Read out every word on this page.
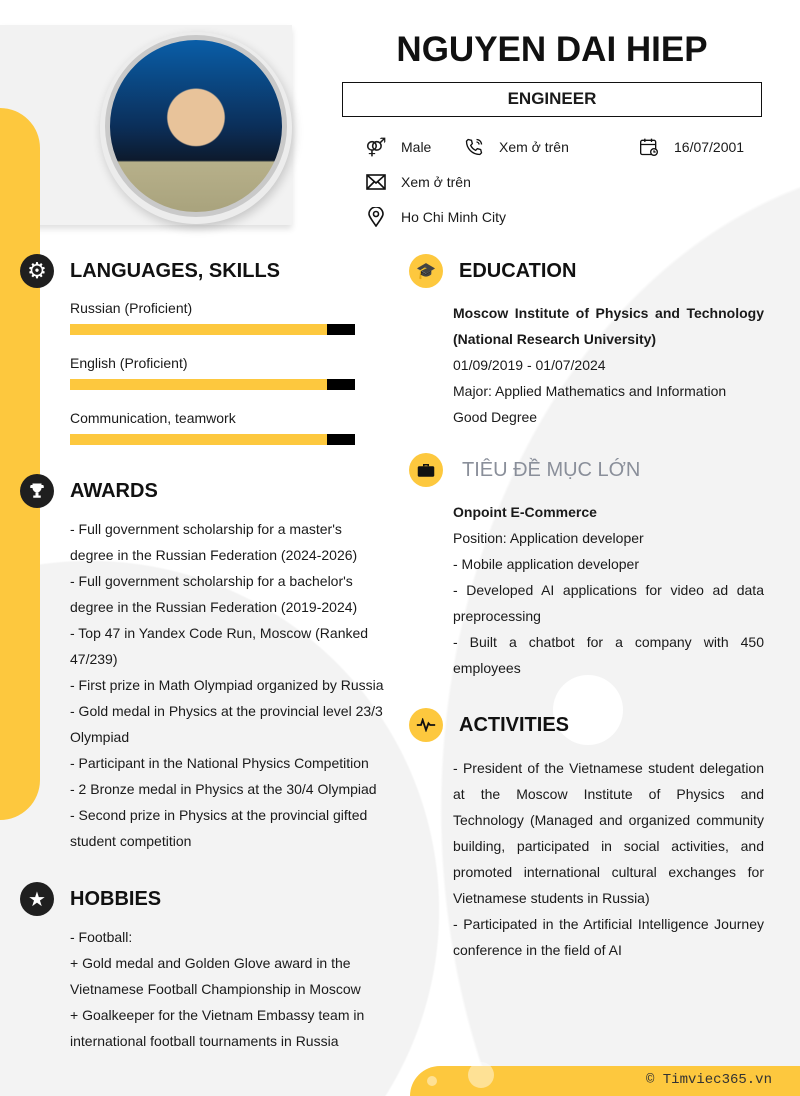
NGUYEN DAI HIEP
ENGINEER
⚤ Male	Xem ở trên	16/07/2001
Xem ở trên
Ho Chi Minh City
⚙ LANGUAGES, SKILLS
Russian (Proficient)
English (Proficient)
Communication, teamwork
AWARDS
- Full government scholarship for a master's degree in the Russian Federation (2024-2026)
- Full government scholarship for a bachelor's degree in the Russian Federation (2019-2024)
- Top 47 in Yandex Code Run, Moscow (Ranked 47/239)
- First prize in Math Olympiad organized by Russia
- Gold medal in Physics at the provincial level 23/3 Olympiad
- Participant in the National Physics Competition
- 2 Bronze medal in Physics at the 30/4 Olympiad
- Second prize in Physics at the provincial gifted student competition
★ HOBBIES
- Football:
+ Gold medal and Golden Glove award in the Vietnamese Football Championship in Moscow
+ Goalkeeper for the Vietnam Embassy team in international football tournaments in Russia
🎓 EDUCATION
Moscow Institute of Physics and Technology (National Research University)
01/09/2019 - 01/07/2024
Major: Applied Mathematics and Information
Good Degree
TIÊU ĐỀ MỤC LỚN
Onpoint E-Commerce
Position: Application developer
- Mobile application developer
- Developed AI applications for video ad data preprocessing
- Built a chatbot for a company with 450 employees
ACTIVITIES
- President of the Vietnamese student delegation at the Moscow Institute of Physics and Technology (Managed and organized community building, participated in social activities, and promoted international cultural exchanges for Vietnamese students in Russia)
- Participated in the Artificial Intelligence Journey conference in the field of AI
© Timviec365.vn
